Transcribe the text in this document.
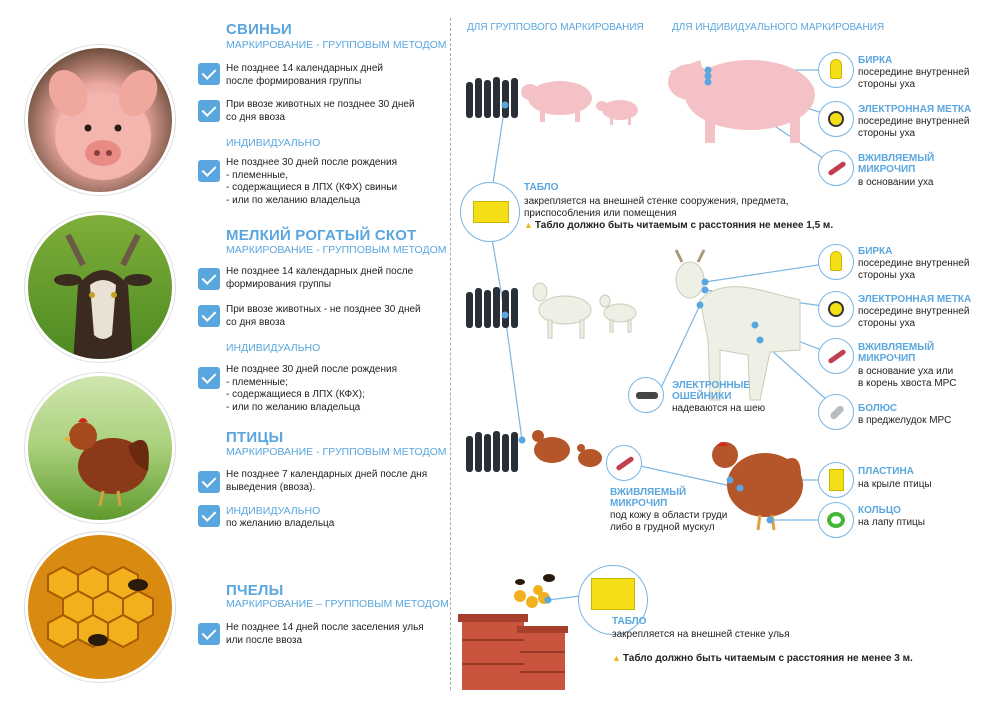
СВИНЬИ
МАРКИРОВАНИЕ - ГРУППОВЫМ МЕТОДОМ
Не позднее 14 календарных дней
после формирования группы
При ввозе животных не позднее 30 дней
со дня ввоза
ИНДИВИДУАЛЬНО
Не позднее 30 дней после рождения
- племенные,
- содержащиеся в ЛПХ (КФХ) свиньи
- или по желанию владельца
МЕЛКИЙ РОГАТЫЙ СКОТ
МАРКИРОВАНИЕ - ГРУППОВЫМ МЕТОДОМ
Не позднее 14 календарных дней после
формирования группы
При ввозе животных - не позднее 30 дней
со дня ввоза
ИНДИВИДУАЛЬНО
Не позднее 30 дней после рождения
- племенные;
- содержащиеся в ЛПХ (КФХ);
- или по желанию владельца
ПТИЦЫ
МАРКИРОВАНИЕ - ГРУППОВЫМ МЕТОДОМ
Не позднее 7 календарных дней после дня
выведения (ввоза).
ИНДИВИДУАЛЬНО
по желанию владельца
ПЧЕЛЫ
МАРКИРОВАНИЕ – ГРУППОВЫМ МЕТОДОМ
Не позднее 14 дней после заселения улья
или после ввоза
ДЛЯ ГРУППОВОГО МАРКИРОВАНИЯ	ДЛЯ ИНДИВИДУАЛЬНОГО МАРКИРОВАНИЯ
ТАБЛО
закрепляется на внешней стенке сооружения, предмета,
приспособления или помещения
▲ Табло должно быть читаемым с расстояния не менее 1,5 м.
БИРКА
посередине внутренней
стороны уха
ЭЛЕКТРОННАЯ МЕТКА
посередине внутренней
стороны уха
ВЖИВЛЯЕМЫЙ
МИКРОЧИП
в основании уха
БИРКА
посередине внутренней
стороны уха
ЭЛЕКТРОННАЯ МЕТКА
посередине внутренней
стороны уха
ВЖИВЛЯЕМЫЙ
МИКРОЧИП
в основание уха или
в корень хвоста МРС
БОЛЮС
в преджелудок МРС
ЭЛЕКТРОННЫЕ
ОШЕЙНИКИ
надеваются на шею
ВЖИВЛЯЕМЫЙ
МИКРОЧИП
под кожу в области груди
либо в грудной мускул
ПЛАСТИНА
на крыле птицы
КОЛЬЦО
на лапу птицы
ТАБЛО
закрепляется на внешней стенке улья
▲ Табло должно быть читаемым с расстояния не менее 3 м.
